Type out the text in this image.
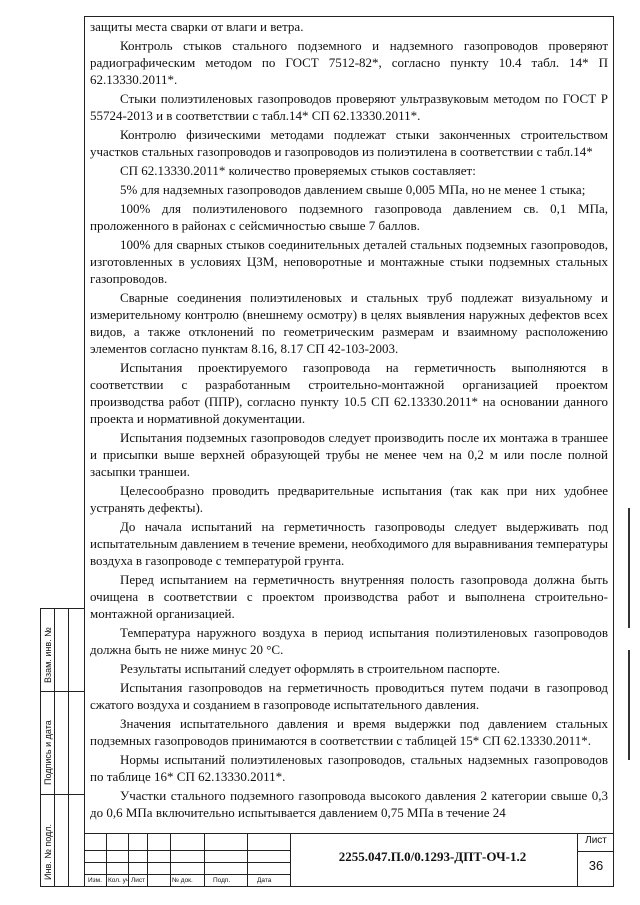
защиты места сварки от влаги и ветра.

Контроль стыков стального подземного и надземного газопроводов проверяют радиографическим методом по ГОСТ 7512-82*, согласно пункту 10.4 табл. 14* П 62.13330.2011*.

Стыки полиэтиленовых газопроводов проверяют ультразвуковым методом по ГОСТ Р 55724-2013 и в соответствии с табл.14* СП 62.13330.2011*.

Контролю физическими методами подлежат стыки законченных строительством участков стальных газопроводов и газопроводов из полиэтилена в соответствии с табл.14*

СП 62.13330.2011* количество проверяемых стыков составляет:

5% для надземных газопроводов давлением свыше 0,005 МПа, но не менее 1 стыка;

100% для полиэтиленового подземного газопровода давлением св. 0,1 МПа, проложенного в районах с сейсмичностью свыше 7 баллов.

100% для сварных стыков соединительных деталей стальных подземных газопроводов, изготовленных в условиях ЦЗМ, неповоротные и монтажные стыки подземных стальных газопроводов.

Сварные соединения полиэтиленовых и стальных труб подлежат визуальному и измерительному контролю (внешнему осмотру) в целях выявления наружных дефектов всех видов, а также отклонений по геометрическим размерам и взаимному расположению элементов согласно пунктам 8.16, 8.17 СП 42-103-2003.

Испытания проектируемого газопровода на герметичность выполняются в соответствии с разработанным строительно-монтажной организацией проектом производства работ (ППР), согласно пункту 10.5 СП 62.13330.2011* на основании данного проекта и нормативной документации.

Испытания подземных газопроводов следует производить после их монтажа в траншее и присыпки выше верхней образующей трубы не менее чем на 0,2 м или после полной засыпки траншеи.

Целесообразно проводить предварительные испытания (так как при них удобнее устранять дефекты).

До начала испытаний на герметичность газопроводы следует выдерживать под испытательным давлением в течение времени, необходимого для выравнивания температуры воздуха в газопроводе с температурой грунта.

Перед испытанием на герметичность внутренняя полость газопровода должна быть очищена в соответствии с проектом производства работ и выполнена строительно-монтажной организацией.

Температура наружного воздуха в период испытания полиэтиленовых газопроводов должна быть не ниже минус 20 °С.

Результаты испытаний следует оформлять в строительном паспорте.

Испытания газопроводов на герметичность проводиться путем подачи в газопровод сжатого воздуха и созданием в газопроводе испытательного давления.

Значения испытательного давления и время выдержки под давлением стальных подземных газопроводов принимаются в соответствии с таблицей 15* СП 62.13330.2011*.

Нормы испытаний полиэтиленовых газопроводов, стальных надземных газопроводов по таблице 16* СП 62.13330.2011*.

Участки стального подземного газопровода высокого давления 2 категории свыше 0,3 до 0,6 МПа включительно испытывается давлением 0,75 МПа в течение 24

Взам. инв. №
Подпись и дата
Инв. № подл.
Изм. Кол. уч Лист	№ док.	Подп.	Дата
2255.047.П.0/0.1293-ДПТ-ОЧ-1.2
Лист
36
